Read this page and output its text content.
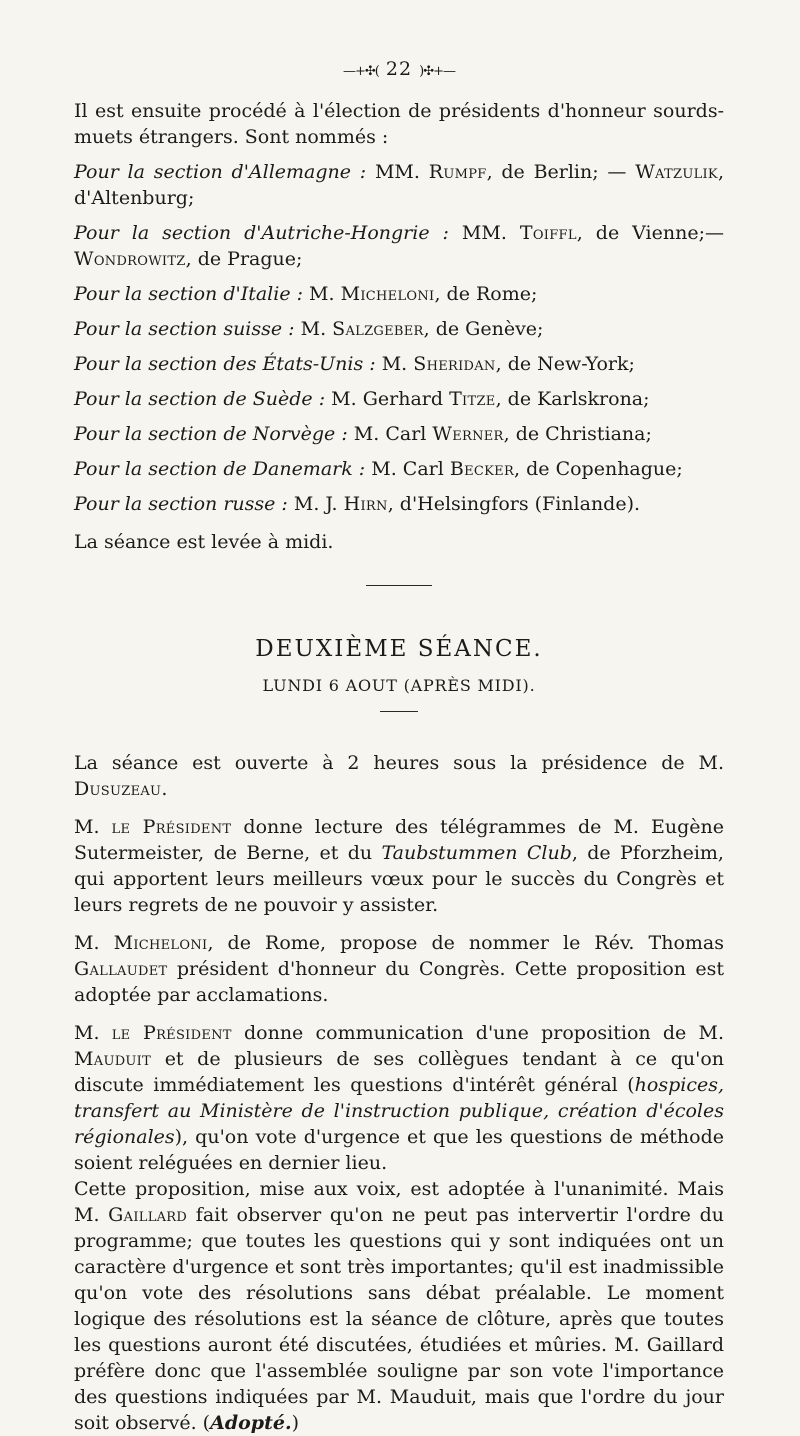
—+✣( 22 )✣+—

Il est ensuite procédé à l'élection de présidents d'honneur sourds-muets étrangers. Sont nommés :

Pour la section d'Allemagne : MM. Rumpf, de Berlin; — Watzulik, d'Altenburg;

Pour la section d'Autriche-Hongrie : MM. Toiffl, de Vienne;— Wondrowitz, de Prague;

Pour la section d'Italie : M. Micheloni, de Rome;

Pour la section suisse : M. Salzgeber, de Genève;

Pour la section des États-Unis : M. Sheridan, de New-York;

Pour la section de Suède : M. Gerhard Titze, de Karlskrona;

Pour la section de Norvège : M. Carl Werner, de Christiana;

Pour la section de Danemark : M. Carl Becker, de Copenhague;

Pour la section russe : M. J. Hirn, d'Helsingfors (Finlande).

La séance est levée à midi.

DEUXIÈME SÉANCE.
LUNDI 6 AOUT (APRÈS MIDI).

La séance est ouverte à 2 heures sous la présidence de M. Dusuzeau.

M. le Président donne lecture des télégrammes de M. Eugène Sutermeister, de Berne, et du Taubstummen Club, de Pforzheim, qui apportent leurs meilleurs vœux pour le succès du Congrès et leurs regrets de ne pouvoir y assister.

M. Micheloni, de Rome, propose de nommer le Rév. Thomas Gallaudet président d'honneur du Congrès. Cette proposition est adoptée par acclamations.

M. le Président donne communication d'une proposition de M. Mauduit et de plusieurs de ses collègues tendant à ce qu'on discute immédiatement les questions d'intérêt général (hospices, transfert au Ministère de l'instruction publique, création d'écoles régionales), qu'on vote d'urgence et que les questions de méthode soient reléguées en dernier lieu.

Cette proposition, mise aux voix, est adoptée à l'unanimité. Mais M. Gaillard fait observer qu'on ne peut pas intervertir l'ordre du programme; que toutes les questions qui y sont indiquées ont un caractère d'urgence et sont très importantes; qu'il est inadmissible qu'on vote des résolutions sans débat préalable. Le moment logique des résolutions est la séance de clôture, après que toutes les questions auront été discutées, étudiées et mûries. M. Gaillard préfère donc que l'assemblée souligne par son vote l'importance des questions indiquées par M. Mauduit, mais que l'ordre du jour soit observé. (Adopté.)
